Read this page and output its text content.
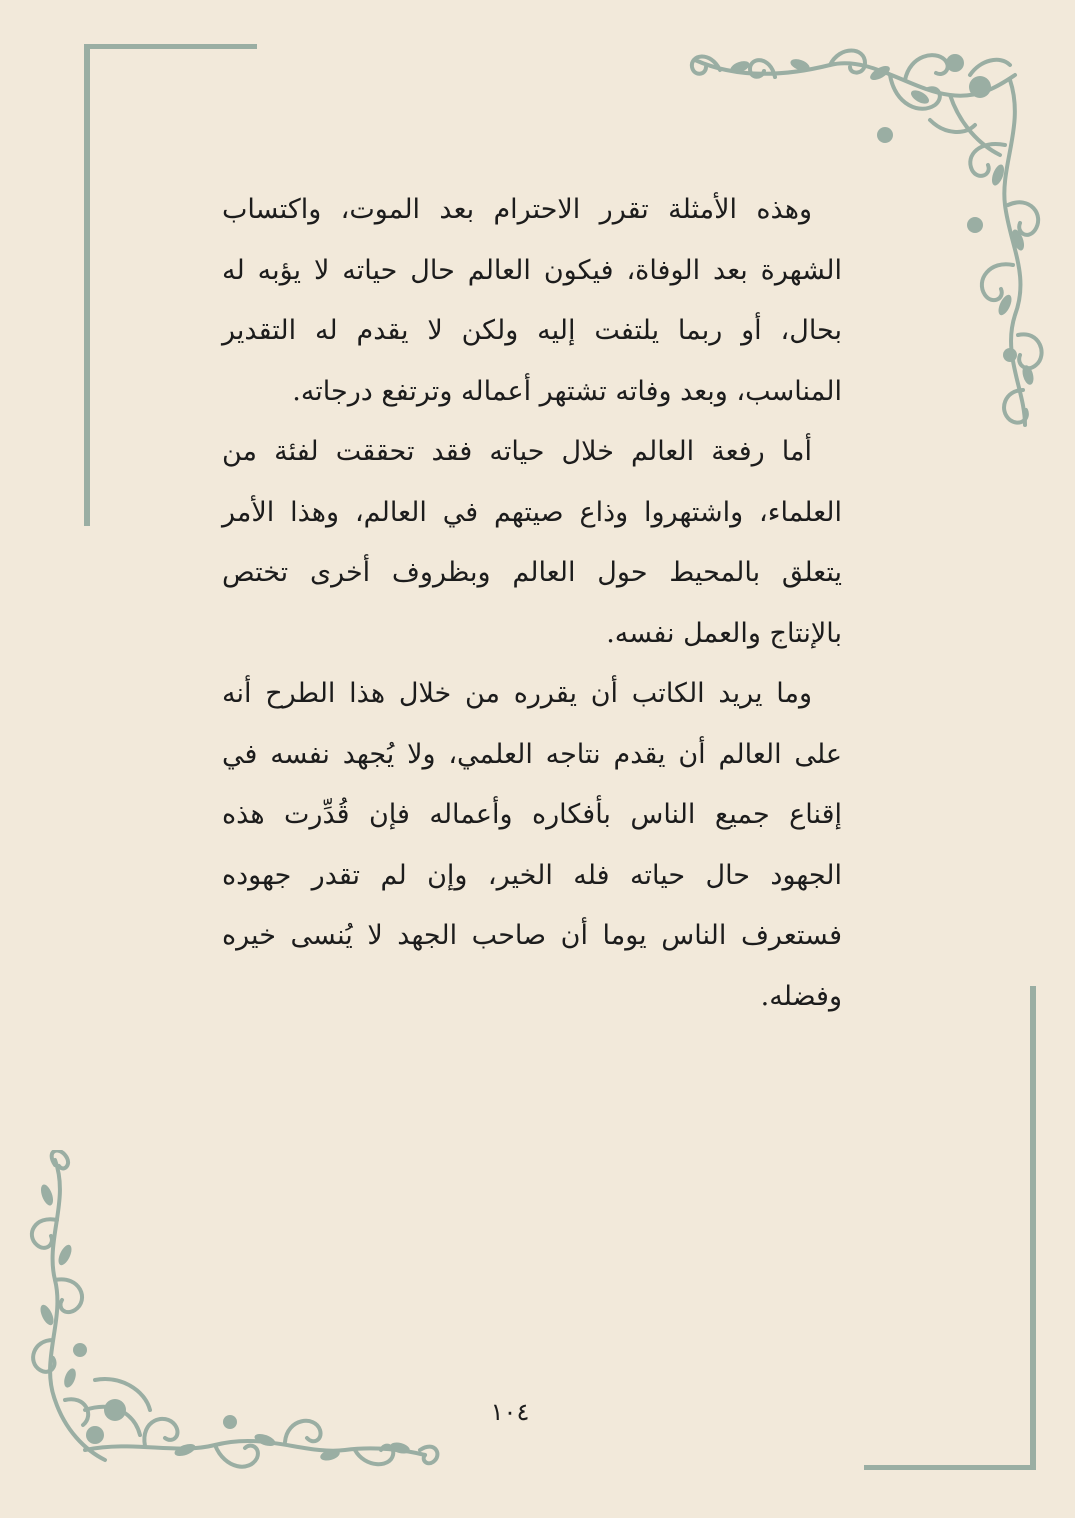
وهذه الأمثلة تقرر الاحترام بعد الموت، واكتساب الشهرة بعد الوفاة، فيكون العالم حال حياته لا يؤبه له بحال، أو ربما يلتفت إليه ولكن لا يقدم له التقدير المناسب، وبعد وفاته تشتهر أعماله وترتفع درجاته.

أما رفعة العالم خلال حياته فقد تحققت لفئة من العلماء، واشتهروا وذاع صيتهم في العالم، وهذا الأمر يتعلق بالمحيط حول العالم وبظروف أخرى تختص بالإنتاج والعمل نفسه.

وما يريد الكاتب أن يقرره من خلال هذا الطرح أنه على العالم أن يقدم نتاجه العلمي، ولا يُجهد نفسه في إقناع جميع الناس بأفكاره وأعماله فإن قُدِّرت هذه الجهود حال حياته فله الخير، وإن لم تقدر جهوده فستعرف الناس يوما أن صاحب الجهد لا يُنسى خيره وفضله.

١٠٤
